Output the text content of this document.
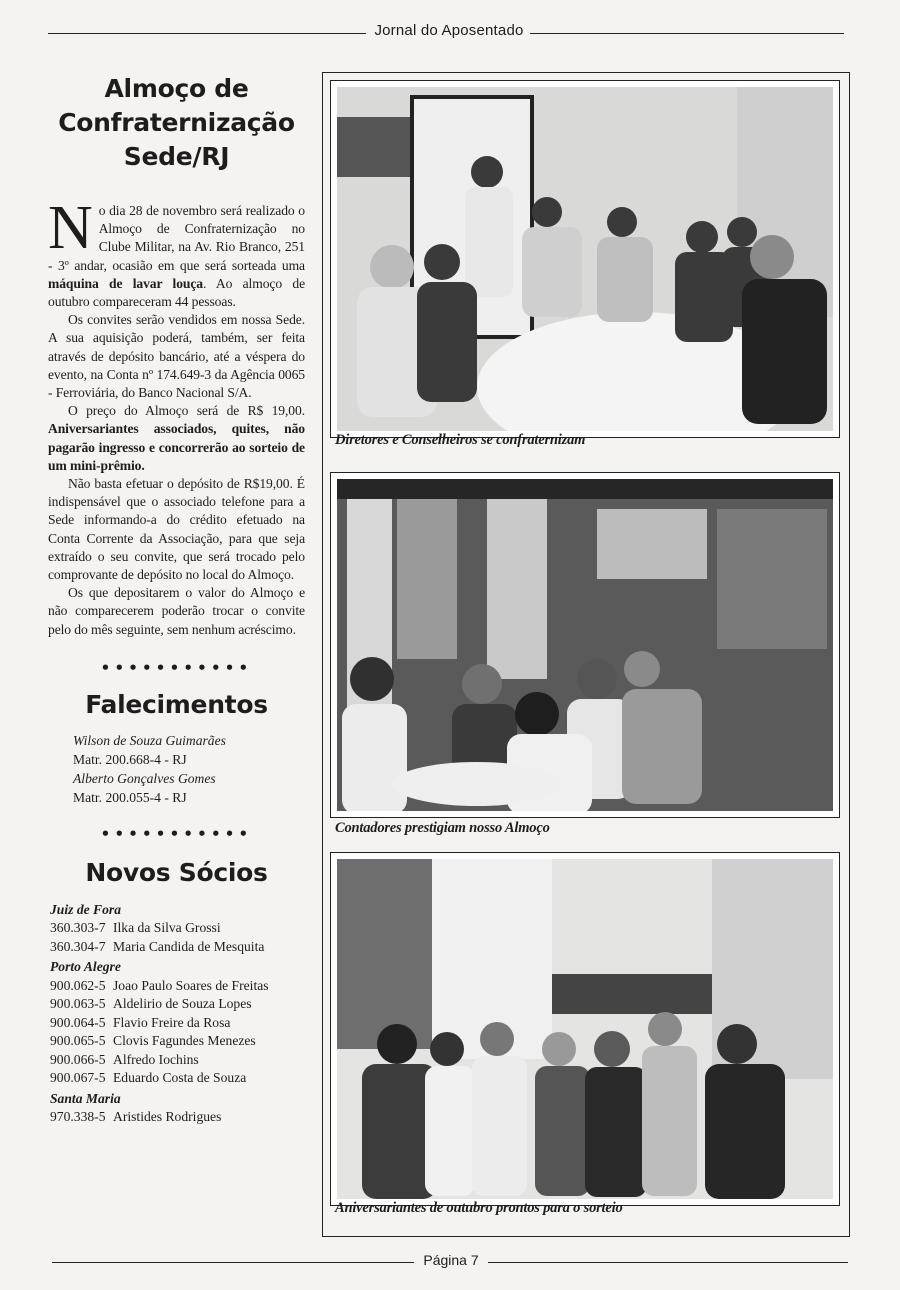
Jornal do Aposentado
Almoço de
Confraternização
Sede/RJ

No dia 28 de novembro será realizado o Almoço de Confraternização no Clube Militar, na Av. Rio Branco, 251 - 3º andar, ocasião em que será sorteada uma máquina de lavar louça. Ao almoço de outubro compareceram 44 pessoas.

Os convites serão vendidos em nossa Sede. A sua aquisição poderá, também, ser feita através de depósito bancário, até a véspera do evento, na Conta nº 174.649-3 da Agência 0065 - Ferroviária, do Banco Nacional S/A.

O preço do Almoço será de R$ 19,00. Aniversariantes associados, quites, não pagarão ingresso e concorrerão ao sorteio de um mini-prêmio.

Não basta efetuar o depósito de R$19,00. É indispensável que o associado telefone para a Sede informando-a do crédito efetuado na Conta Corrente da Associação, para que seja extraído o seu convite, que será trocado pelo comprovante de depósito no local do Almoço.

Os que depositarem o valor do Almoço e não comparecerem poderão trocar o convite pelo do mês seguinte, sem nenhum acréscimo.

•••••••••••
Falecimentos
Wilson de Souza Guimarães
Matr. 200.668-4 - RJ
Alberto Gonçalves Gomes
Matr. 200.055-4 - RJ
•••••••••••
Novos Sócios
Juiz de Fora
360.303-7 Ilka da Silva Grossi
360.304-7 Maria Candida de Mesquita
Porto Alegre
900.062-5 Joao Paulo Soares de Freitas
900.063-5 Aldelirio de Souza Lopes
900.064-5 Flavio Freire da Rosa
900.065-5 Clovis Fagundes Menezes
900.066-5 Alfredo Iochins
900.067-5 Eduardo Costa de Souza
Santa Maria
970.338-5 Aristides Rodrigues
Diretores e Conselheiros se confraternizam
Contadores prestigiam nosso Almoço
Aniversariantes de outubro prontos para o sorteio
Página 7
